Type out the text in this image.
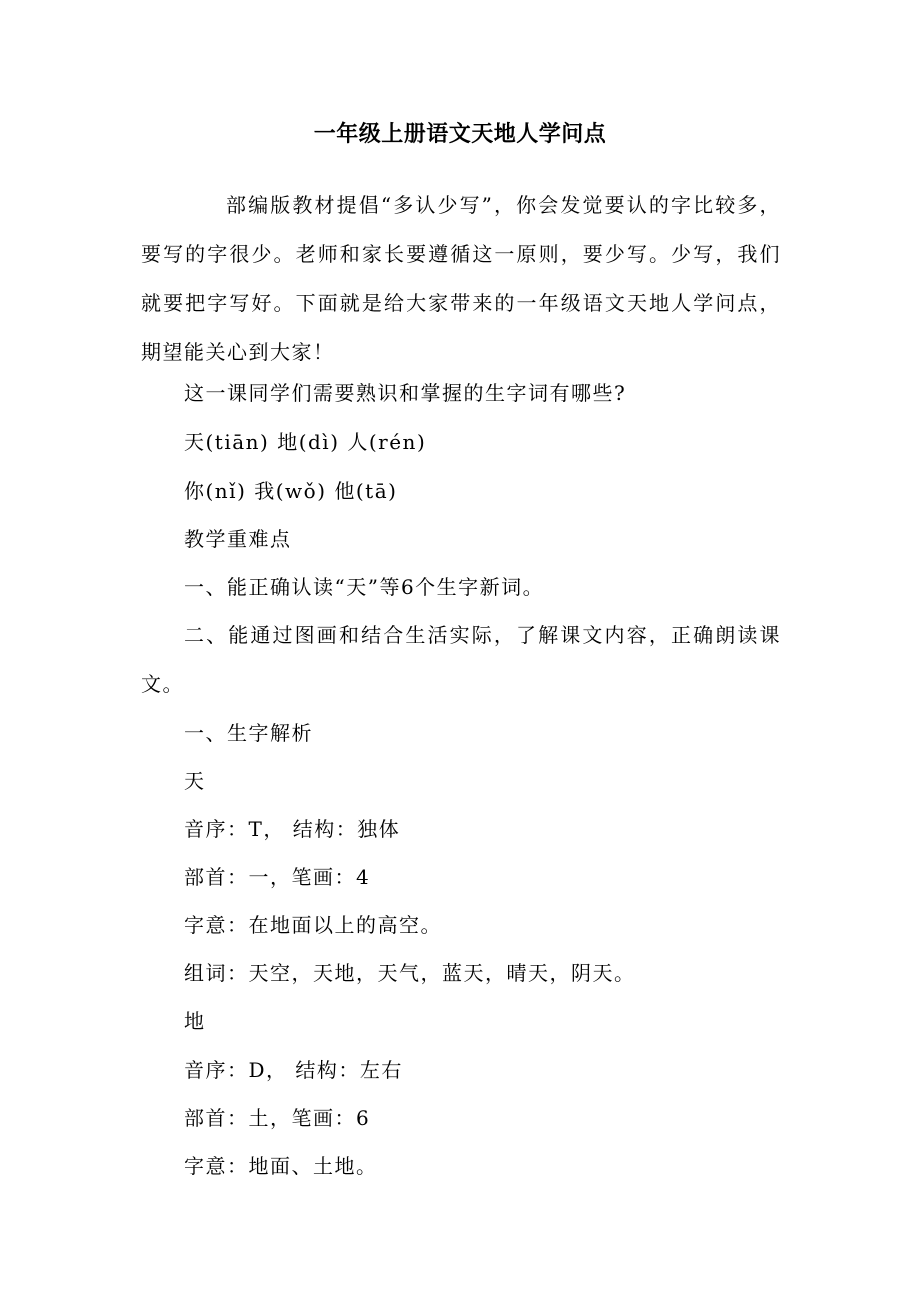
一年级上册语文天地人学问点

部编版教材提倡“多认少写”，你会发觉要认的字比较多，要写的字很少。老师和家长要遵循这一原则，要少写。少写，我们就要把字写好。下面就是给大家带来的一年级语文天地人学问点，期望能关心到大家！

这一课同学们需要熟识和掌握的生字词有哪些?

天(tiān) 地(dì) 人(rén)

你(nǐ) 我(wǒ) 他(tā)

教学重难点

一、能正确认读“天”等6个生字新词。

二、能通过图画和结合生活实际，了解课文内容，正确朗读课文。

一、生字解析

天

音序：T， 结构：独体

部首：一，笔画：4

字意：在地面以上的高空。

组词：天空，天地，天气，蓝天，晴天，阴天。

地

音序：D， 结构：左右

部首：土，笔画：6

字意：地面、土地。
